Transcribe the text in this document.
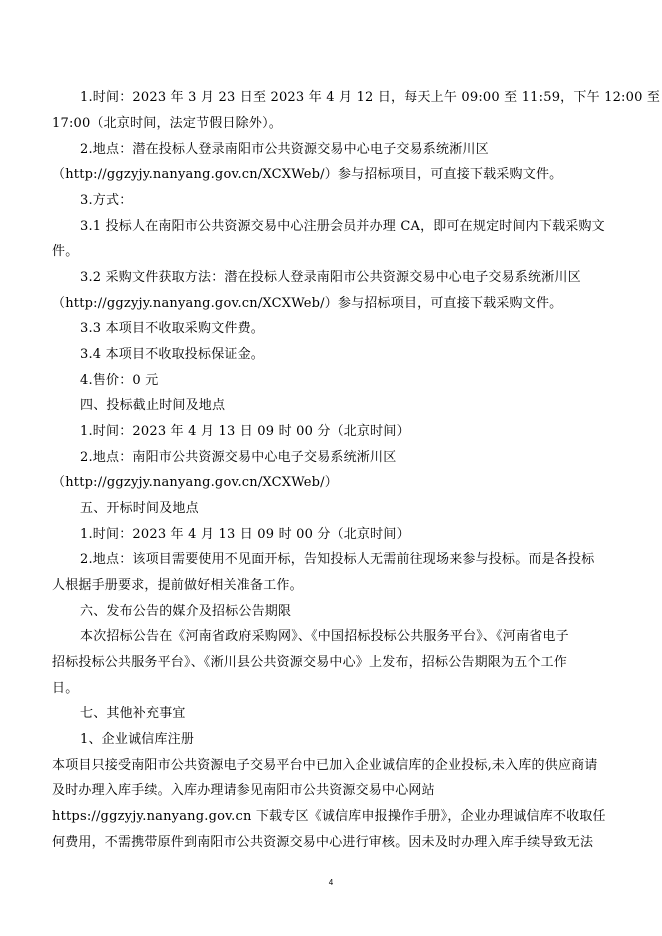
1.时间：2023 年 3 月 23 日至 2023 年 4 月 12 日，每天上午 09:00 至 11:59，下午 12:00 至
17:00（北京时间，法定节假日除外）。
2.地点：潜在投标人登录南阳市公共资源交易中心电子交易系统淅川区
（http://ggzyjy.nanyang.gov.cn/XCXWeb/）参与招标项目，可直接下载采购文件。
3.方式：
3.1 投标人在南阳市公共资源交易中心注册会员并办理 CA，即可在规定时间内下载采购文
件。
3.2 采购文件获取方法：潜在投标人登录南阳市公共资源交易中心电子交易系统淅川区
（http://ggzyjy.nanyang.gov.cn/XCXWeb/）参与招标项目，可直接下载采购文件。
3.3 本项目不收取采购文件费。
3.4 本项目不收取投标保证金。
4.售价：0 元
四、投标截止时间及地点
1.时间：2023 年 4 月 13 日 09 时 00 分（北京时间）
2.地点：南阳市公共资源交易中心电子交易系统淅川区
（http://ggzyjy.nanyang.gov.cn/XCXWeb/）
五、开标时间及地点
1.时间：2023 年 4 月 13 日 09 时 00 分（北京时间）
2.地点：该项目需要使用不见面开标，告知投标人无需前往现场来参与投标。而是各投标
人根据手册要求，提前做好相关准备工作。
六、发布公告的媒介及招标公告期限
本次招标公告在《河南省政府采购网》、《中国招标投标公共服务平台》、《河南省电子
招标投标公共服务平台》、《淅川县公共资源交易中心》上发布，招标公告期限为五个工作
日。
七、其他补充事宜
1、企业诚信库注册
本项目只接受南阳市公共资源电子交易平台中已加入企业诚信库的企业投标,未入库的供应商请
及时办理入库手续。入库办理请参见南阳市公共资源交易中心网站
https://ggzyjy.nanyang.gov.cn 下载专区《诚信库申报操作手册》，企业办理诚信库不收取任
何费用，不需携带原件到南阳市公共资源交易中心进行审核。因未及时办理入库手续导致无法
4
